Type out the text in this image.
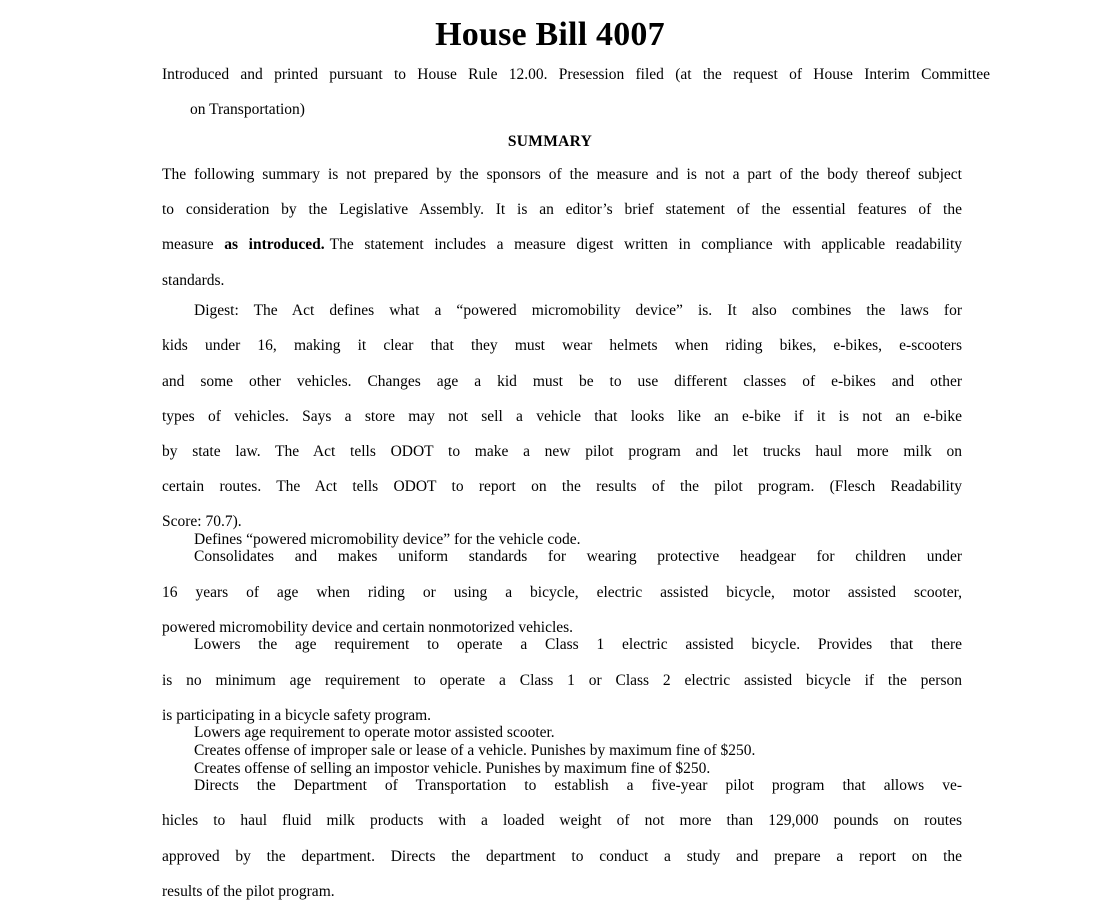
House Bill 4007
Introduced and printed pursuant to House Rule 12.00. Presession filed (at the request of House Interim Committee
on Transportation)
SUMMARY
The following summary is not prepared by the sponsors of the measure and is not a part of the body thereof subject
to consideration by the Legislative Assembly. It is an editor’s brief statement of the essential features of the
measure as introduced. The statement includes a measure digest written in compliance with applicable readability
standards.
Digest: The Act defines what a “powered micromobility device” is. It also combines the laws for
kids under 16, making it clear that they must wear helmets when riding bikes, e-bikes, e-scooters
and some other vehicles. Changes age a kid must be to use different classes of e-bikes and other
types of vehicles. Says a store may not sell a vehicle that looks like an e-bike if it is not an e-bike
by state law. The Act tells ODOT to make a new pilot program and let trucks haul more milk on
certain routes. The Act tells ODOT to report on the results of the pilot program. (Flesch Readability
Score: 70.7).
Defines “powered micromobility device” for the vehicle code.
Consolidates and makes uniform standards for wearing protective headgear for children under
16 years of age when riding or using a bicycle, electric assisted bicycle, motor assisted scooter,
powered micromobility device and certain nonmotorized vehicles.
Lowers the age requirement to operate a Class 1 electric assisted bicycle. Provides that there
is no minimum age requirement to operate a Class 1 or Class 2 electric assisted bicycle if the person
is participating in a bicycle safety program.
Lowers age requirement to operate motor assisted scooter.
Creates offense of improper sale or lease of a vehicle. Punishes by maximum fine of $250.
Creates offense of selling an impostor vehicle. Punishes by maximum fine of $250.
Directs the Department of Transportation to establish a five-year pilot program that allows ve-
hicles to haul fluid milk products with a loaded weight of not more than 129,000 pounds on routes
approved by the department. Directs the department to conduct a study and prepare a report on the
results of the pilot program.
